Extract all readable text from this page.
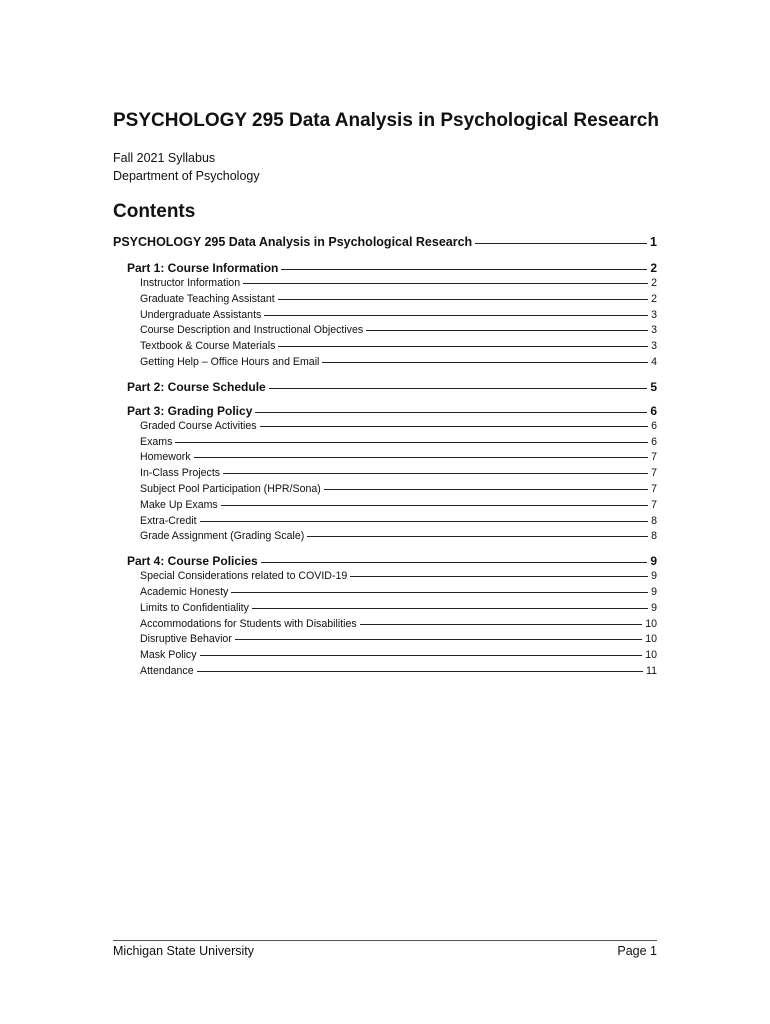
PSYCHOLOGY 295 Data Analysis in Psychological Research
Fall 2021 Syllabus
Department of Psychology
Contents
PSYCHOLOGY 295 Data Analysis in Psychological Research	1
Part 1: Course Information	2
Instructor Information	2
Graduate Teaching Assistant	2
Undergraduate Assistants	3
Course Description and Instructional Objectives	3
Textbook & Course Materials	3
Getting Help – Office Hours and Email	4
Part 2: Course Schedule	5
Part 3: Grading Policy	6
Graded Course Activities	6
Exams	6
Homework	7
In-Class Projects	7
Subject Pool Participation (HPR/Sona)	7
Make Up Exams	7
Extra-Credit	8
Grade Assignment (Grading Scale)	8
Part 4: Course Policies	9
Special Considerations related to COVID-19	9
Academic Honesty	9
Limits to Confidentiality	9
Accommodations for Students with Disabilities	10
Disruptive Behavior	10
Mask Policy	10
Attendance	11
Michigan State University	Page 1
